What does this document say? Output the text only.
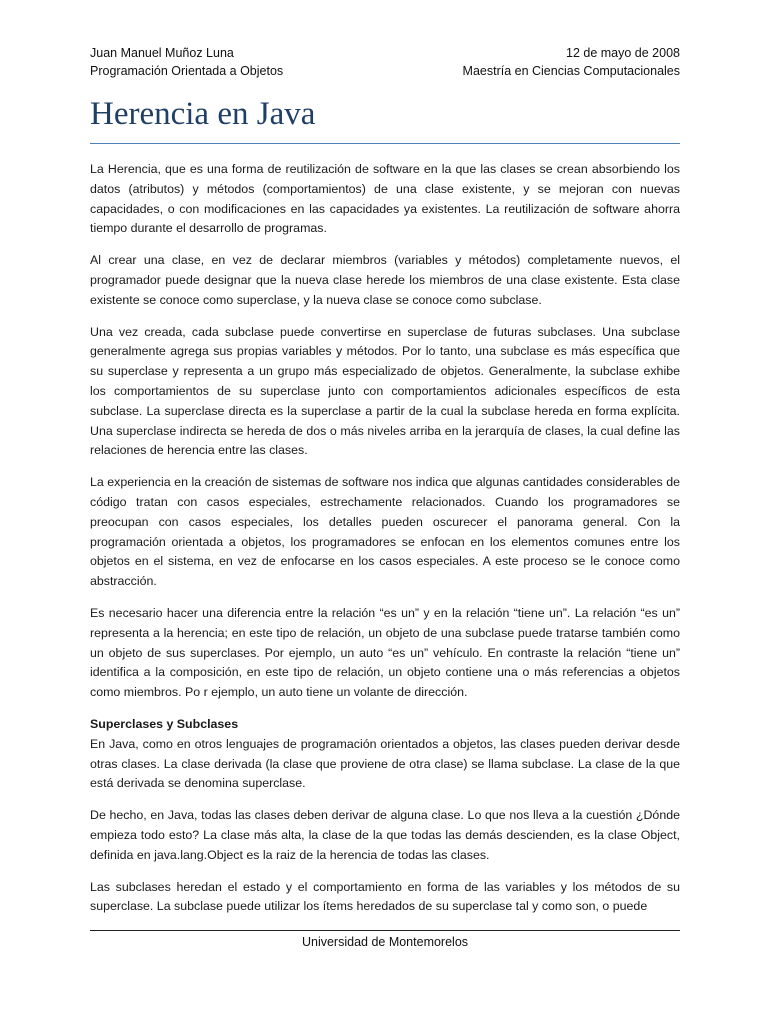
Juan Manuel Muñoz Luna
Programación Orientada a Objetos
12 de mayo de 2008
Maestría en Ciencias Computacionales
Herencia en Java

La Herencia, que es una forma de reutilización de software en la que las clases se crean absorbiendo los datos (atributos) y métodos (comportamientos) de una clase existente, y se mejoran con nuevas capacidades, o con modificaciones en las capacidades ya existentes. La reutilización de software ahorra tiempo durante el desarrollo de programas.

Al crear una clase, en vez de declarar miembros (variables y métodos) completamente nuevos, el programador puede designar que la nueva clase herede los miembros de una clase existente. Esta clase existente se conoce como superclase, y la nueva clase se conoce como subclase.

Una vez creada, cada subclase puede convertirse en superclase de futuras subclases. Una subclase generalmente agrega sus propias variables y métodos. Por lo tanto, una subclase es más específica que su superclase y representa a un grupo más especializado de objetos. Generalmente, la subclase exhibe los comportamientos de su superclase junto con comportamientos adicionales específicos de esta subclase. La superclase directa es la superclase a partir de la cual la subclase hereda en forma explícita. Una superclase indirecta se hereda de dos o más niveles arriba en la jerarquía de clases, la cual define las relaciones de herencia entre las clases.

La experiencia en la creación de sistemas de software nos indica que algunas cantidades considerables de código tratan con casos especiales, estrechamente relacionados. Cuando los programadores se preocupan con casos especiales, los detalles pueden oscurecer el panorama general. Con la programación orientada a objetos, los programadores se enfocan en los elementos comunes entre los objetos en el sistema, en vez de enfocarse en los casos especiales. A este proceso se le conoce como abstracción.

Es necesario hacer una diferencia entre la relación “es un” y en la relación “tiene un”. La relación “es un” representa a la herencia; en este tipo de relación, un objeto de una subclase puede tratarse también como un objeto de sus superclases. Por ejemplo, un auto “es un” vehículo. En contraste la relación “tiene un” identifica a la composición, en este tipo de relación, un objeto contiene una o más referencias a objetos como miembros. Po r ejemplo, un auto tiene un volante de dirección.

Superclases y Subclases

En Java, como en otros lenguajes de programación orientados a objetos, las clases pueden derivar desde otras clases. La clase derivada (la clase que proviene de otra clase) se llama subclase. La clase de la que está derivada se denomina superclase.

De hecho, en Java, todas las clases deben derivar de alguna clase. Lo que nos lleva a la cuestión ¿Dónde empieza todo esto? La clase más alta, la clase de la que todas las demás descienden, es la clase Object, definida en java.lang.Object es la raiz de la herencia de todas las clases.

Las subclases heredan el estado y el comportamiento en forma de las variables y los métodos de su superclase. La subclase puede utilizar los ítems heredados de su superclase tal y como son, o puede

Universidad de Montemorelos
